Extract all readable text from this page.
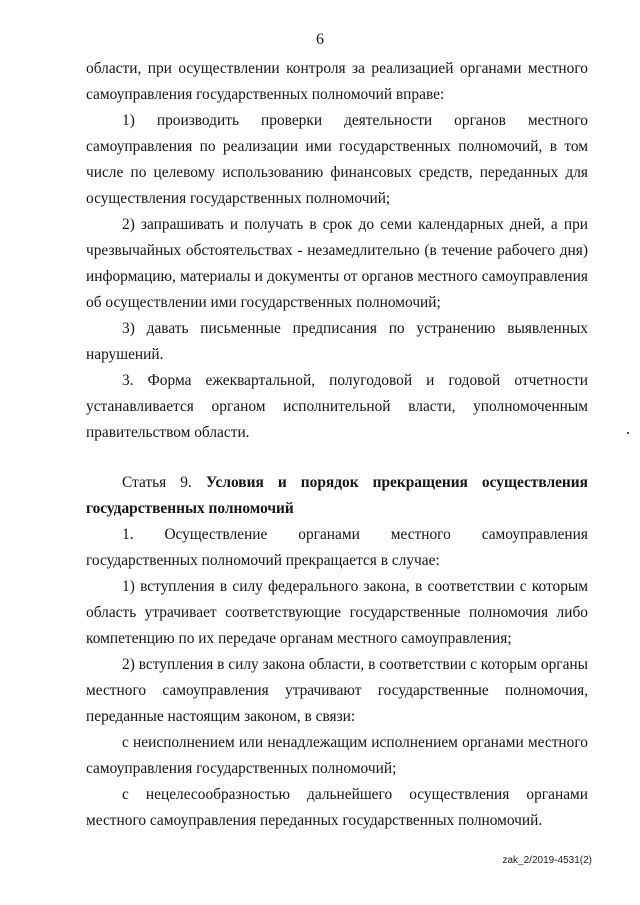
6

области, при осуществлении контроля за реализацией органами местного самоуправления государственных полномочий вправе:

1) производить проверки деятельности органов местного самоуправления по реализации ими государственных полномочий, в том числе по целевому использованию финансовых средств, переданных для осуществления государственных полномочий;

2) запрашивать и получать в срок до семи календарных дней, а при чрезвычайных обстоятельствах - незамедлительно (в течение рабочего дня) информацию, материалы и документы от органов местного самоуправления об осуществлении ими государственных полномочий;

3) давать письменные предписания по устранению выявленных нарушений.

3. Форма ежеквартальной, полугодовой и годовой отчетности устанавливается органом исполнительной власти, уполномоченным правительством области.

Статья 9. Условия и порядок прекращения осуществления государственных полномочий

1. Осуществление органами местного самоуправления государственных полномочий прекращается в случае:

1) вступления в силу федерального закона, в соответствии с которым область утрачивает соответствующие государственные полномочия либо компетенцию по их передаче органам местного самоуправления;

2) вступления в силу закона области, в соответствии с которым органы местного самоуправления утрачивают государственные полномочия, переданные настоящим законом, в связи:

с неисполнением или ненадлежащим исполнением органами местного самоуправления государственных полномочий;

с нецелесообразностью дальнейшего осуществления органами местного самоуправления переданных государственных полномочий.

zak_2/2019-4531(2)
